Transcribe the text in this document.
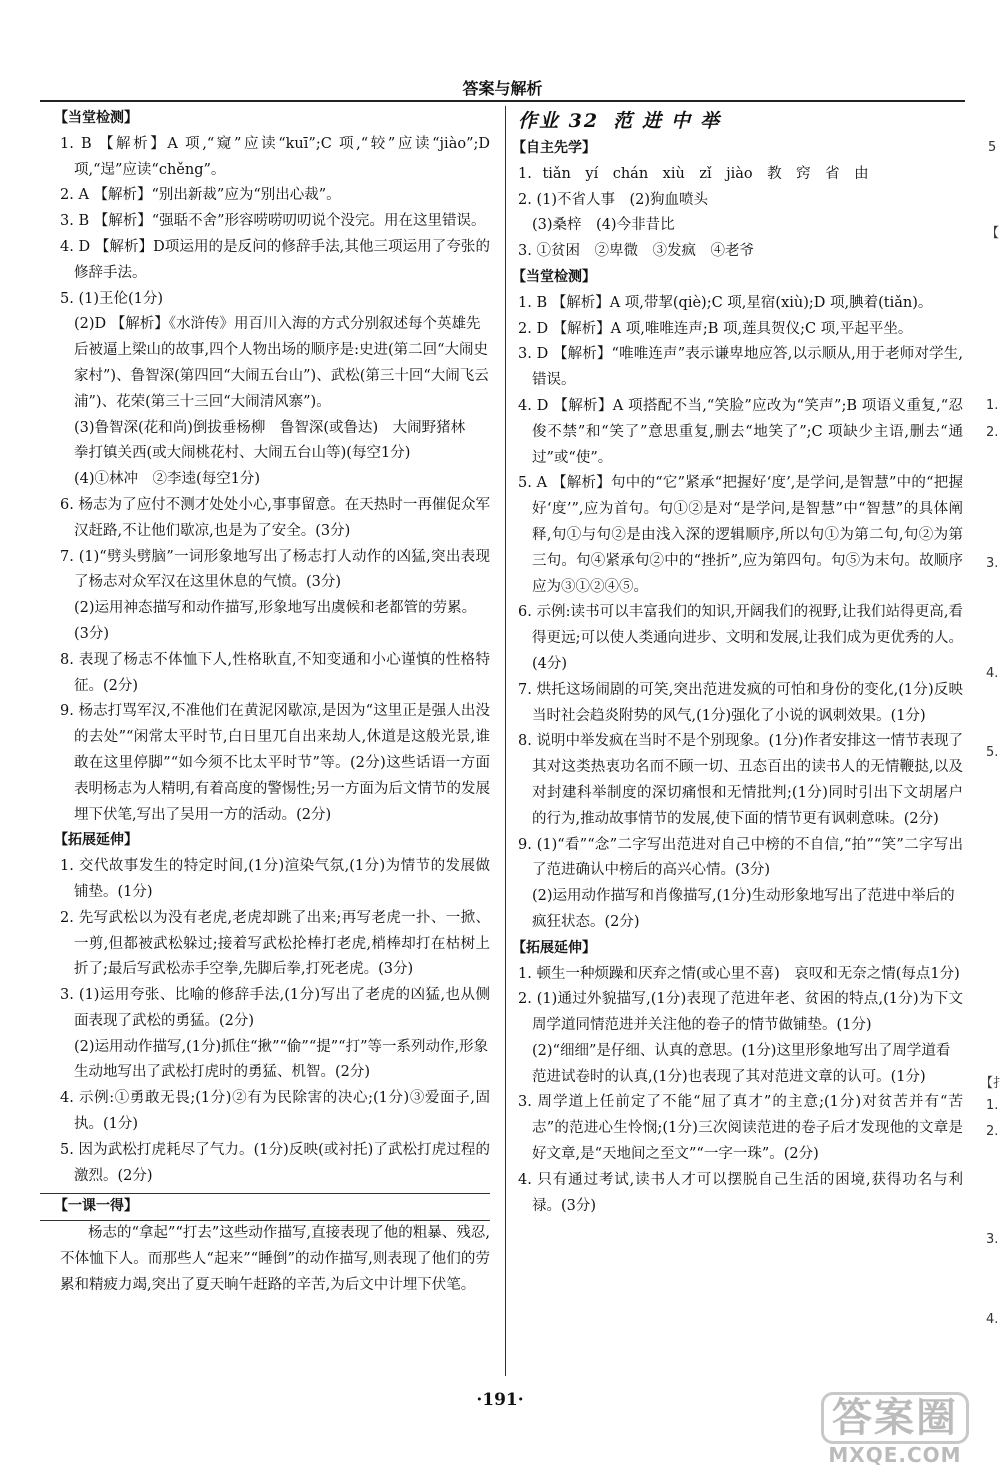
答案与解析
【当堂检测】
1. B 【解析】A 项,“窥”应读“kuī”;C 项,“较”应读“jiào”;D 项,“逞”应读“chěng”。
2. A 【解析】“别出新裁”应为“别出心裁”。
3. B 【解析】“强聒不舍”形容唠唠叨叨说个没完。用在这里错误。
4. D 【解析】D项运用的是反问的修辞手法,其他三项运用了夸张的修辞手法。
5. (1)王伦(1分)
(2)D 【解析】《水浒传》用百川入海的方式分别叙述每个英雄先后被逼上梁山的故事,四个人物出场的顺序是:史进(第二回“大闹史家村”)、鲁智深(第四回“大闹五台山”)、武松(第三十回“大闹飞云浦”)、花荣(第三十三回“大闹清风寨”)。
(3)鲁智深(花和尚)倒拔垂杨柳　鲁智深(或鲁达)　大闹野猪林　拳打镇关西(或大闹桃花村、大闹五台山等)(每空1分)
(4)①林冲　②李逵(每空1分)
6. 杨志为了应付不测才处处小心,事事留意。在天热时一再催促众军汉赶路,不让他们歇凉,也是为了安全。(3分)
7. (1)“劈头劈脑”一词形象地写出了杨志打人动作的凶猛,突出表现了杨志对众军汉在这里休息的气愤。(3分)
(2)运用神态描写和动作描写,形象地写出虞候和老都管的劳累。(3分)
8. 表现了杨志不体恤下人,性格耿直,不知变通和小心谨慎的性格特征。(2分)
9. 杨志打骂军汉,不准他们在黄泥冈歇凉,是因为“这里正是强人出没的去处”“闲常太平时节,白日里兀自出来劫人,休道是这般光景,谁敢在这里停脚”“如今须不比太平时节”等。(2分)这些话语一方面表明杨志为人精明,有着高度的警惕性;另一方面为后文情节的发展埋下伏笔,写出了吴用一方的活动。(2分)
【拓展延伸】
1. 交代故事发生的特定时间,(1分)渲染气氛,(1分)为情节的发展做铺垫。(1分)
2. 先写武松以为没有老虎,老虎却跳了出来;再写老虎一扑、一掀、一剪,但都被武松躲过;接着写武松抡棒打老虎,梢棒却打在枯树上折了;最后写武松赤手空拳,先脚后拳,打死老虎。(3分)
3. (1)运用夸张、比喻的修辞手法,(1分)写出了老虎的凶猛,也从侧面表现了武松的勇猛。(2分)
(2)运用动作描写,(1分)抓住“揪”“偷”“提”“打”等一系列动作,形象生动地写出了武松打虎时的勇猛、机智。(2分)
4. 示例:①勇敢无畏;(1分)②有为民除害的决心;(1分)③爱面子,固执。(1分)
5. 因为武松打虎耗尽了气力。(1分)反映(或衬托)了武松打虎过程的激烈。(2分)
【一课一得】
杨志的“拿起”“打去”这些动作描写,直接表现了他的粗暴、残忍,不体恤下人。而那些人“起来”“睡倒”的动作描写,则表现了他们的劳累和精疲力竭,突出了夏天晌午赶路的辛苦,为后文中计埋下伏笔。
作业 32 范进中举
【自主先学】
1. tiǎn　yí　chán　xiù　zǐ　jiào　教　窍　省　由
2. (1)不省人事　(2)狗血喷头
(3)桑梓　(4)今非昔比
3. ①贫困　②卑微　③发疯　④老爷
【当堂检测】
1. B 【解析】A 项,带挈(qiè);C 项,星宿(xiù);D 项,腆着(tiǎn)。
2. D 【解析】A 项,唯唯连声;B 项,莲具贺仪;C 项,平起平坐。
3. D 【解析】“唯唯连声”表示谦卑地应答,以示顺从,用于老师对学生,错误。
4. D 【解析】A 项搭配不当,“笑脸”应改为“笑声”;B 项语义重复,“忍俊不禁”和“笑了”意思重复,删去“地笑了”;C 项缺少主语,删去“通过”或“使”。
5. A 【解析】句中的“它”紧承“把握好‘度’,是学问,是智慧”中的“把握好‘度’”,应为首句。句①②是对“是学问,是智慧”中“智慧”的具体阐释,句①与句②是由浅入深的逻辑顺序,所以句①为第二句,句②为第三句。句④紧承句②中的“挫折”,应为第四句。句⑤为末句。故顺序应为③①②④⑤。
6. 示例:读书可以丰富我们的知识,开阔我们的视野,让我们站得更高,看得更远;可以使人类通向进步、文明和发展,让我们成为更优秀的人。(4分)
7. 烘托这场闹剧的可笑,突出范进发疯的可怕和身份的变化,(1分)反映当时社会趋炎附势的风气,(1分)强化了小说的讽刺效果。(1分)
8. 说明中举发疯在当时不是个别现象。(1分)作者安排这一情节表现了其对这类热衷功名而不顾一切、丑态百出的读书人的无情鞭挞,以及对封建科举制度的深切痛恨和无情批判;(1分)同时引出下文胡屠户的行为,推动故事情节的发展,使下面的情节更有讽刺意味。(2分)
9. (1)“看”“念”二字写出范进对自己中榜的不自信,“拍”“笑”二字写出了范进确认中榜后的高兴心情。(3分)
(2)运用动作描写和肖像描写,(1分)生动形象地写出了范进中举后的疯狂状态。(2分)
【拓展延伸】
1. 顿生一种烦躁和厌弃之情(或心里不喜)　哀叹和无奈之情(每点1分)
2. (1)通过外貌描写,(1分)表现了范进年老、贫困的特点,(1分)为下文周学道同情范进并关注他的卷子的情节做铺垫。(1分)
(2)“细细”是仔细、认真的意思。(1分)这里形象地写出了周学道看范进试卷时的认真,(1分)也表现了其对范进文章的认可。(1分)
3. 周学道上任前定了不能“屈了真才”的主意;(1分)对贫苦并有“苦志”的范进心生怜悯;(1分)三次阅读范进的卷子后才发现他的文章是好文章,是“天地间之至文”“一字一珠”。(2分)
4. 只有通过考试,读书人才可以摆脱自己生活的困境,获得功名与利禄。(3分)
5
【
1.
2.
3.
4.
5.
【扌
1.
2.
3.
4.
·191·	答案圈
MXQE.COM
